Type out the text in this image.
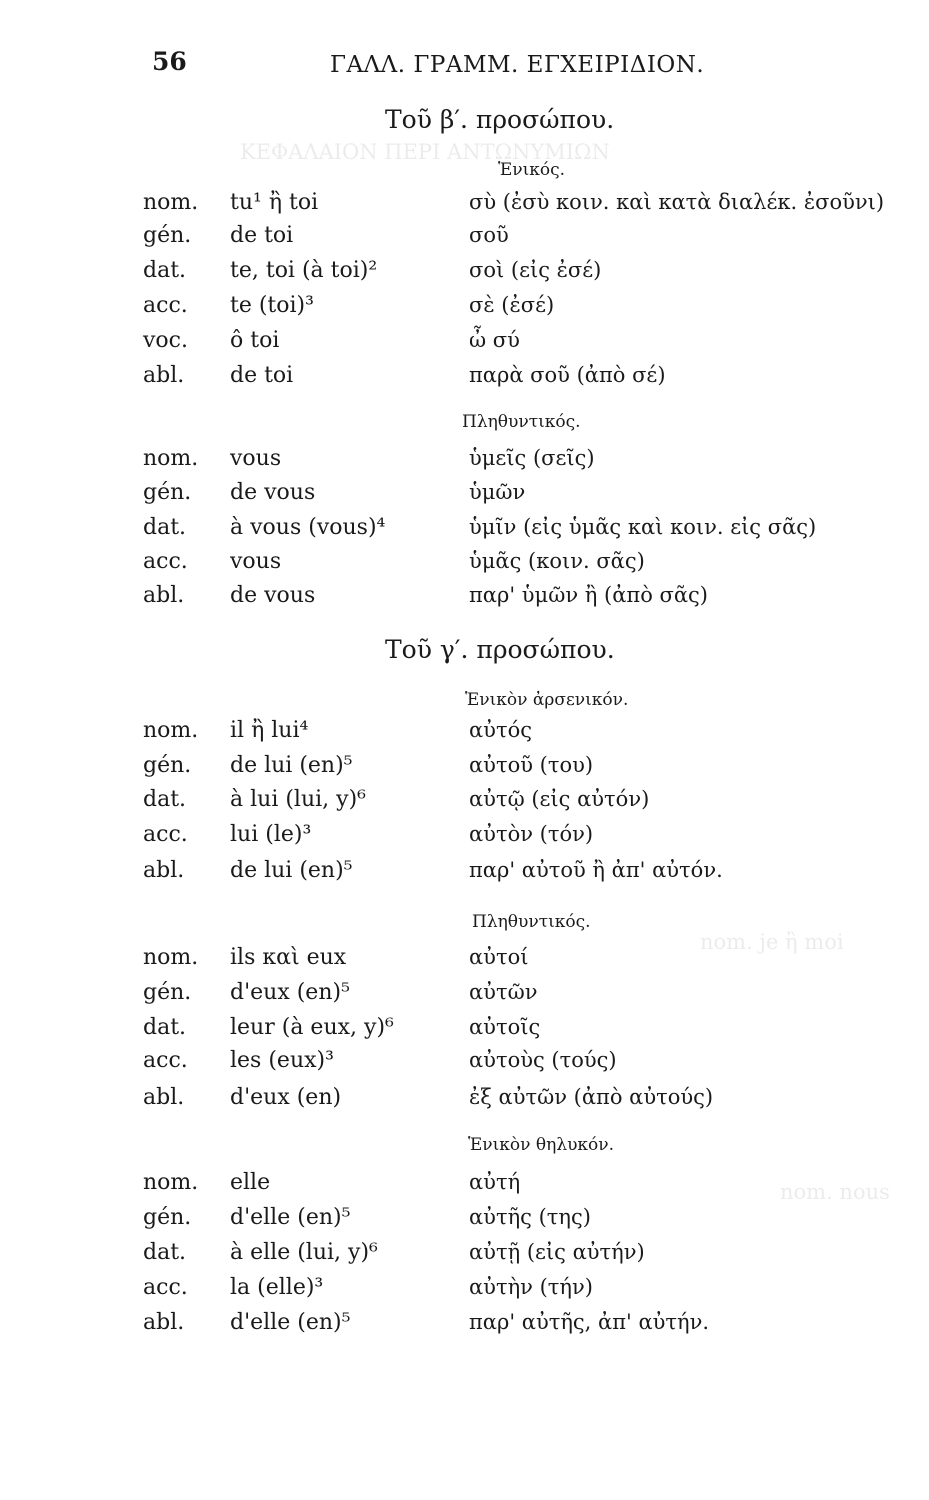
56	ΓΑΛΛ. ΓΡΑΜΜ. ΕΓΧΕΙΡΙΔΙΟΝ.
ΚΕΦΑΛΑΙΟΝ ΠΕΡΙ ΑΝΤΩΝΥΜΙΩΝ
nom. je ἢ moi
nom. nous
Τοῦ β′. προσώπου.
Ἑνικός.
nom. tu¹ ἢ toi	σὺ (ἐσὺ κοιν. καὶ κατὰ διαλέκ. ἐσοῦνι)
gén. de toi	σοῦ
dat. te, toi (à toi)²	σοὶ (εἰς ἐσέ)
acc. te (toi)³	σὲ (ἐσέ)
voc. ô toi	ὦ σύ
abl. de toi	παρὰ σοῦ (ἀπὸ σέ)
Πληθυντικός.
nom. vous	ὑμεῖς (σεῖς)
gén. de vous	ὑμῶν
dat. à vous (vous)⁴	ὑμῖν (εἰς ὑμᾶς καὶ κοιν. εἰς σᾶς)
acc. vous	ὑμᾶς (κοιν. σᾶς)
abl. de vous	παρ' ὑμῶν ἢ (ἀπὸ σᾶς)
Τοῦ γ′. προσώπου.
Ἑνικὸν ἀρσενικόν.
nom. il ἢ lui⁴	αὐτός
gén. de lui (en)⁵	αὐτοῦ (του)
dat. à lui (lui, y)⁶	αὐτῷ (εἰς αὐτόν)
acc. lui (le)³	αὐτὸν (τόν)
abl. de lui (en)⁵	παρ' αὐτοῦ ἢ ἀπ' αὐτόν.
Πληθυντικός.
nom. ils καὶ eux	αὐτοί
gén. d'eux (en)⁵	αὐτῶν
dat. leur (à eux, y)⁶	αὐτοῖς
acc. les (eux)³	αὐτοὺς (τούς)
abl. d'eux (en)	ἐξ αὐτῶν (ἀπὸ αὐτούς)
Ἑνικὸν θηλυκόν.
nom. elle	αὐτή
gén. d'elle (en)⁵	αὐτῆς (της)
dat. à elle (lui, y)⁶	αὐτῇ (εἰς αὐτήν)
acc. la (elle)³	αὐτὴν (τήν)
abl. d'elle (en)⁵	παρ' αὐτῆς, ἀπ' αὐτήν.
